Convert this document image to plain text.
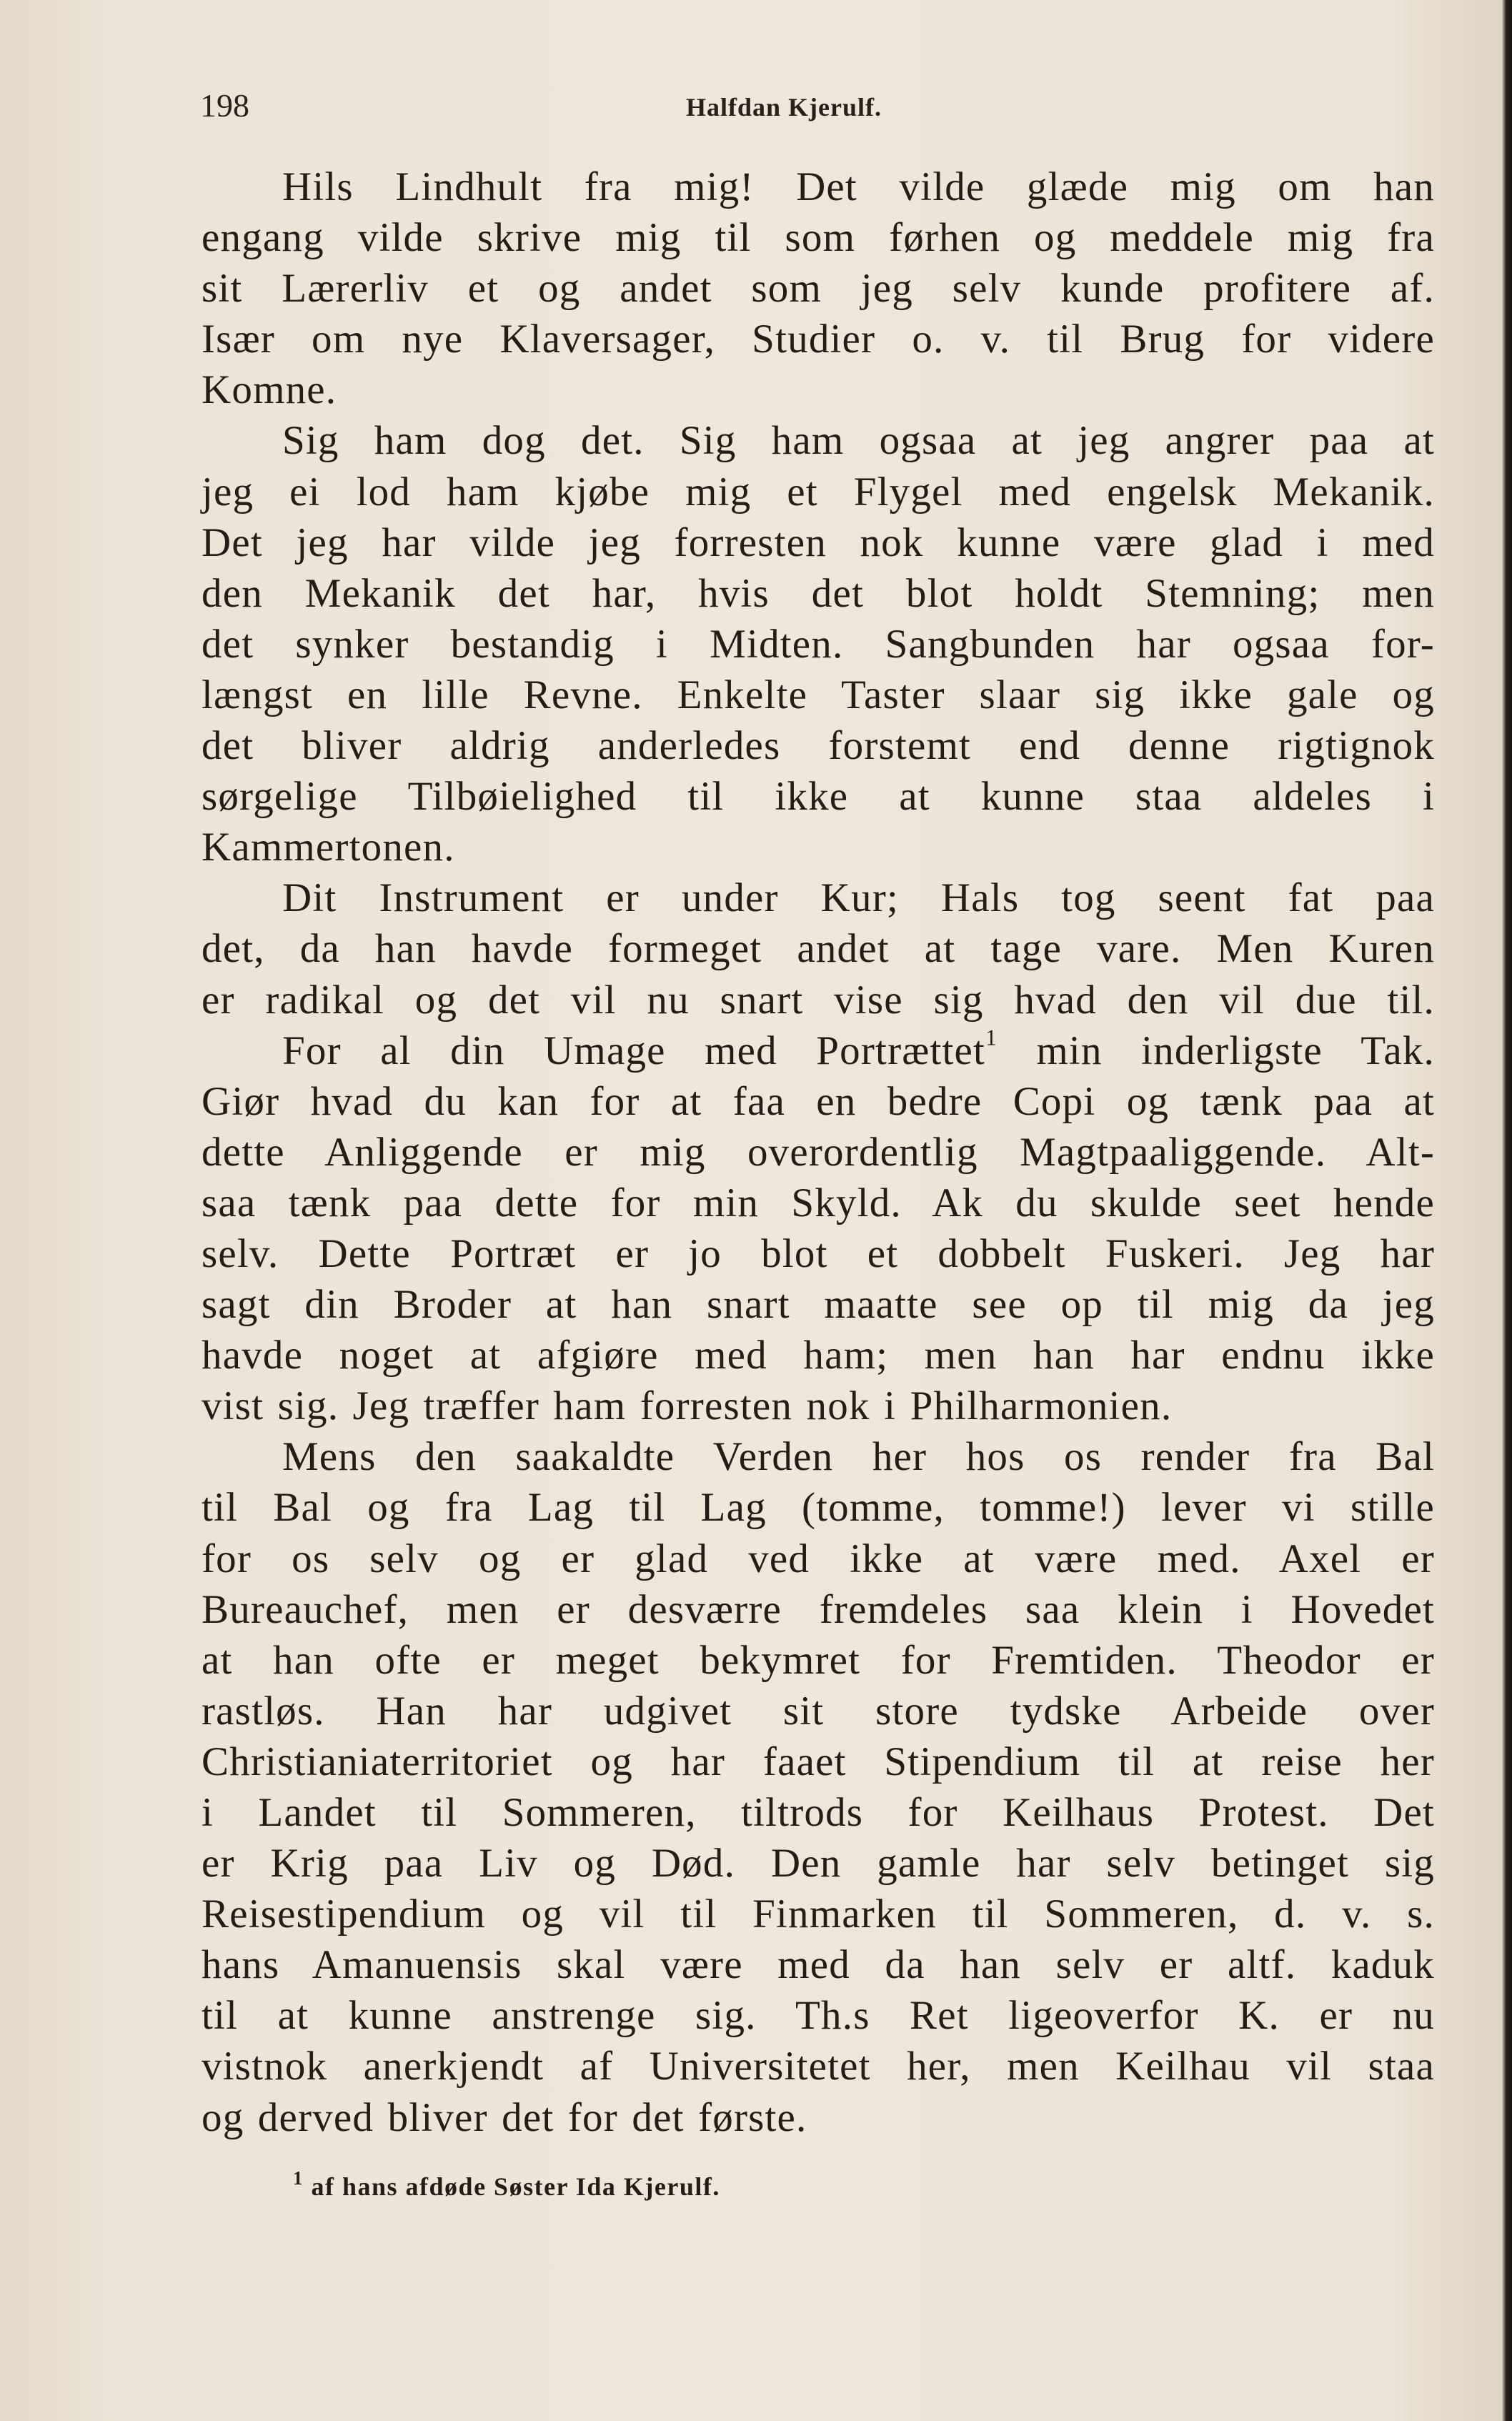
198	Halfdan Kjerulf.
Hils Lindhult fra mig! Det vilde glæde mig om han
engang vilde skrive mig til som førhen og meddele mig fra
sit Lærerliv et og andet som jeg selv kunde profitere af.
Især om nye Klaversager, Studier o. v. til Brug for videre
Komne.
Sig ham dog det. Sig ham ogsaa at jeg angrer paa at
jeg ei lod ham kjøbe mig et Flygel med engelsk Mekanik.
Det jeg har vilde jeg forresten nok kunne være glad i med
den Mekanik det har, hvis det blot holdt Stemning; men
det synker bestandig i Midten. Sangbunden har ogsaa for-
længst en lille Revne. Enkelte Taster slaar sig ikke gale og
det bliver aldrig anderledes forstemt end denne rigtignok
sørgelige Tilbøielighed til ikke at kunne staa aldeles i
Kammertonen.
Dit Instrument er under Kur; Hals tog seent fat paa
det, da han havde formeget andet at tage vare. Men Kuren
er radikal og det vil nu snart vise sig hvad den vil due til.
For al din Umage med Portrættet$^1$ min inderligste Tak.
Giør hvad du kan for at faa en bedre Copi og tænk paa at
dette Anliggende er mig overordentlig Magtpaaliggende. Alt-
saa tænk paa dette for min Skyld. Ak du skulde seet hende
selv. Dette Portræt er jo blot et dobbelt Fuskeri. Jeg har
sagt din Broder at han snart maatte see op til mig da jeg
havde noget at afgiøre med ham; men han har endnu ikke
vist sig. Jeg træffer ham forresten nok i Philharmonien.
Mens den saakaldte Verden her hos os render fra Bal
til Bal og fra Lag til Lag (tomme, tomme!) lever vi stille
for os selv og er glad ved ikke at være med. Axel er
Bureauchef, men er desværre fremdeles saa klein i Hovedet
at han ofte er meget bekymret for Fremtiden. Theodor er
rastløs. Han har udgivet sit store tydske Arbeide over
Christianiaterritoriet og har faaet Stipendium til at reise her
i Landet til Sommeren, tiltrods for Keilhaus Protest. Det
er Krig paa Liv og Død. Den gamle har selv betinget sig
Reisestipendium og vil til Finmarken til Sommeren, d. v. s.
hans Amanuensis skal være med da han selv er altf. kaduk
til at kunne anstrenge sig. Th.s Ret ligeoverfor K. er nu
vistnok anerkjendt af Universitetet her, men Keilhau vil staa
og derved bliver det for det første.
$^1$ af hans afdøde Søster Ida Kjerulf.
